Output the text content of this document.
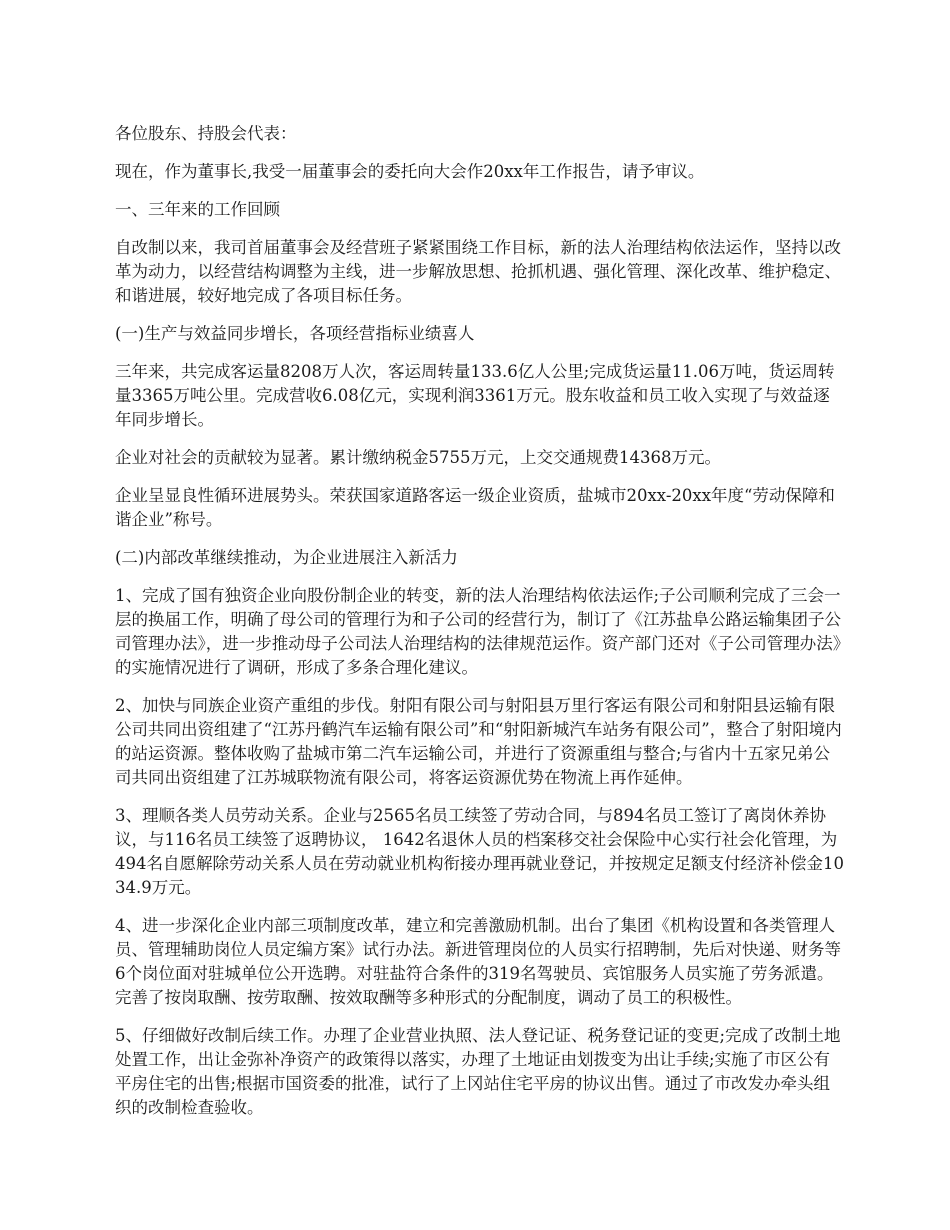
各位股东、持股会代表：

现在，作为董事长,我受一届董事会的委托向大会作20xx年工作报告，请予审议。

一、三年来的工作回顾

自改制以来，我司首届董事会及经营班子紧紧围绕工作目标，新的法人治理结构依法运作，坚持以改革为动力，以经营结构调整为主线，进一步解放思想、抢抓机遇、强化管理、深化改革、维护稳定、和谐进展，较好地完成了各项目标任务。

(一)生产与效益同步增长，各项经营指标业绩喜人

三年来，共完成客运量8208万人次，客运周转量133.6亿人公里;完成货运量11.06万吨，货运周转量3365万吨公里。完成营收6.08亿元，实现利润3361万元。股东收益和员工收入实现了与效益逐年同步增长。

企业对社会的贡献较为显著。累计缴纳税金5755万元，上交交通规费14368万元。

企业呈显良性循环进展势头。荣获国家道路客运一级企业资质，盐城市20xx-20xx年度“劳动保障和谐企业”称号。

(二)内部改革继续推动，为企业进展注入新活力

1、完成了国有独资企业向股份制企业的转变，新的法人治理结构依法运作;子公司顺利完成了三会一层的换届工作，明确了母公司的管理行为和子公司的经营行为，制订了《江苏盐阜公路运输集团子公司管理办法》，进一步推动母子公司法人治理结构的法律规范运作。资产部门还对《子公司管理办法》的实施情况进行了调研，形成了多条合理化建议。

2、加快与同族企业资产重组的步伐。射阳有限公司与射阳县万里行客运有限公司和射阳县运输有限公司共同出资组建了“江苏丹鹤汽车运输有限公司”和“射阳新城汽车站务有限公司”，整合了射阳境内的站运资源。整体收购了盐城市第二汽车运输公司，并进行了资源重组与整合;与省内十五家兄弟公司共同出资组建了江苏城联物流有限公司，将客运资源优势在物流上再作延伸。

3、理顺各类人员劳动关系。企业与2565名员工续签了劳动合同，与894名员工签订了离岗休养协议，与116名员工续签了返聘协议， 1642名退休人员的档案移交社会保险中心实行社会化管理，为494名自愿解除劳动关系人员在劳动就业机构衔接办理再就业登记，并按规定足额支付经济补偿金1034.9万元。

4、进一步深化企业内部三项制度改革，建立和完善激励机制。出台了集团《机构设置和各类管理人员、管理辅助岗位人员定编方案》试行办法。新进管理岗位的人员实行招聘制，先后对快递、财务等6个岗位面对驻城单位公开选聘。对驻盐符合条件的319名驾驶员、宾馆服务人员实施了劳务派遣。完善了按岗取酬、按劳取酬、按效取酬等多种形式的分配制度，调动了员工的积极性。

5、仔细做好改制后续工作。办理了企业营业执照、法人登记证、税务登记证的变更;完成了改制土地处置工作，出让金弥补净资产的政策得以落实，办理了土地证由划拨变为出让手续;实施了市区公有平房住宅的出售;根据市国资委的批准，试行了上冈站住宅平房的协议出售。通过了市改发办牵头组织的改制检查验收。
